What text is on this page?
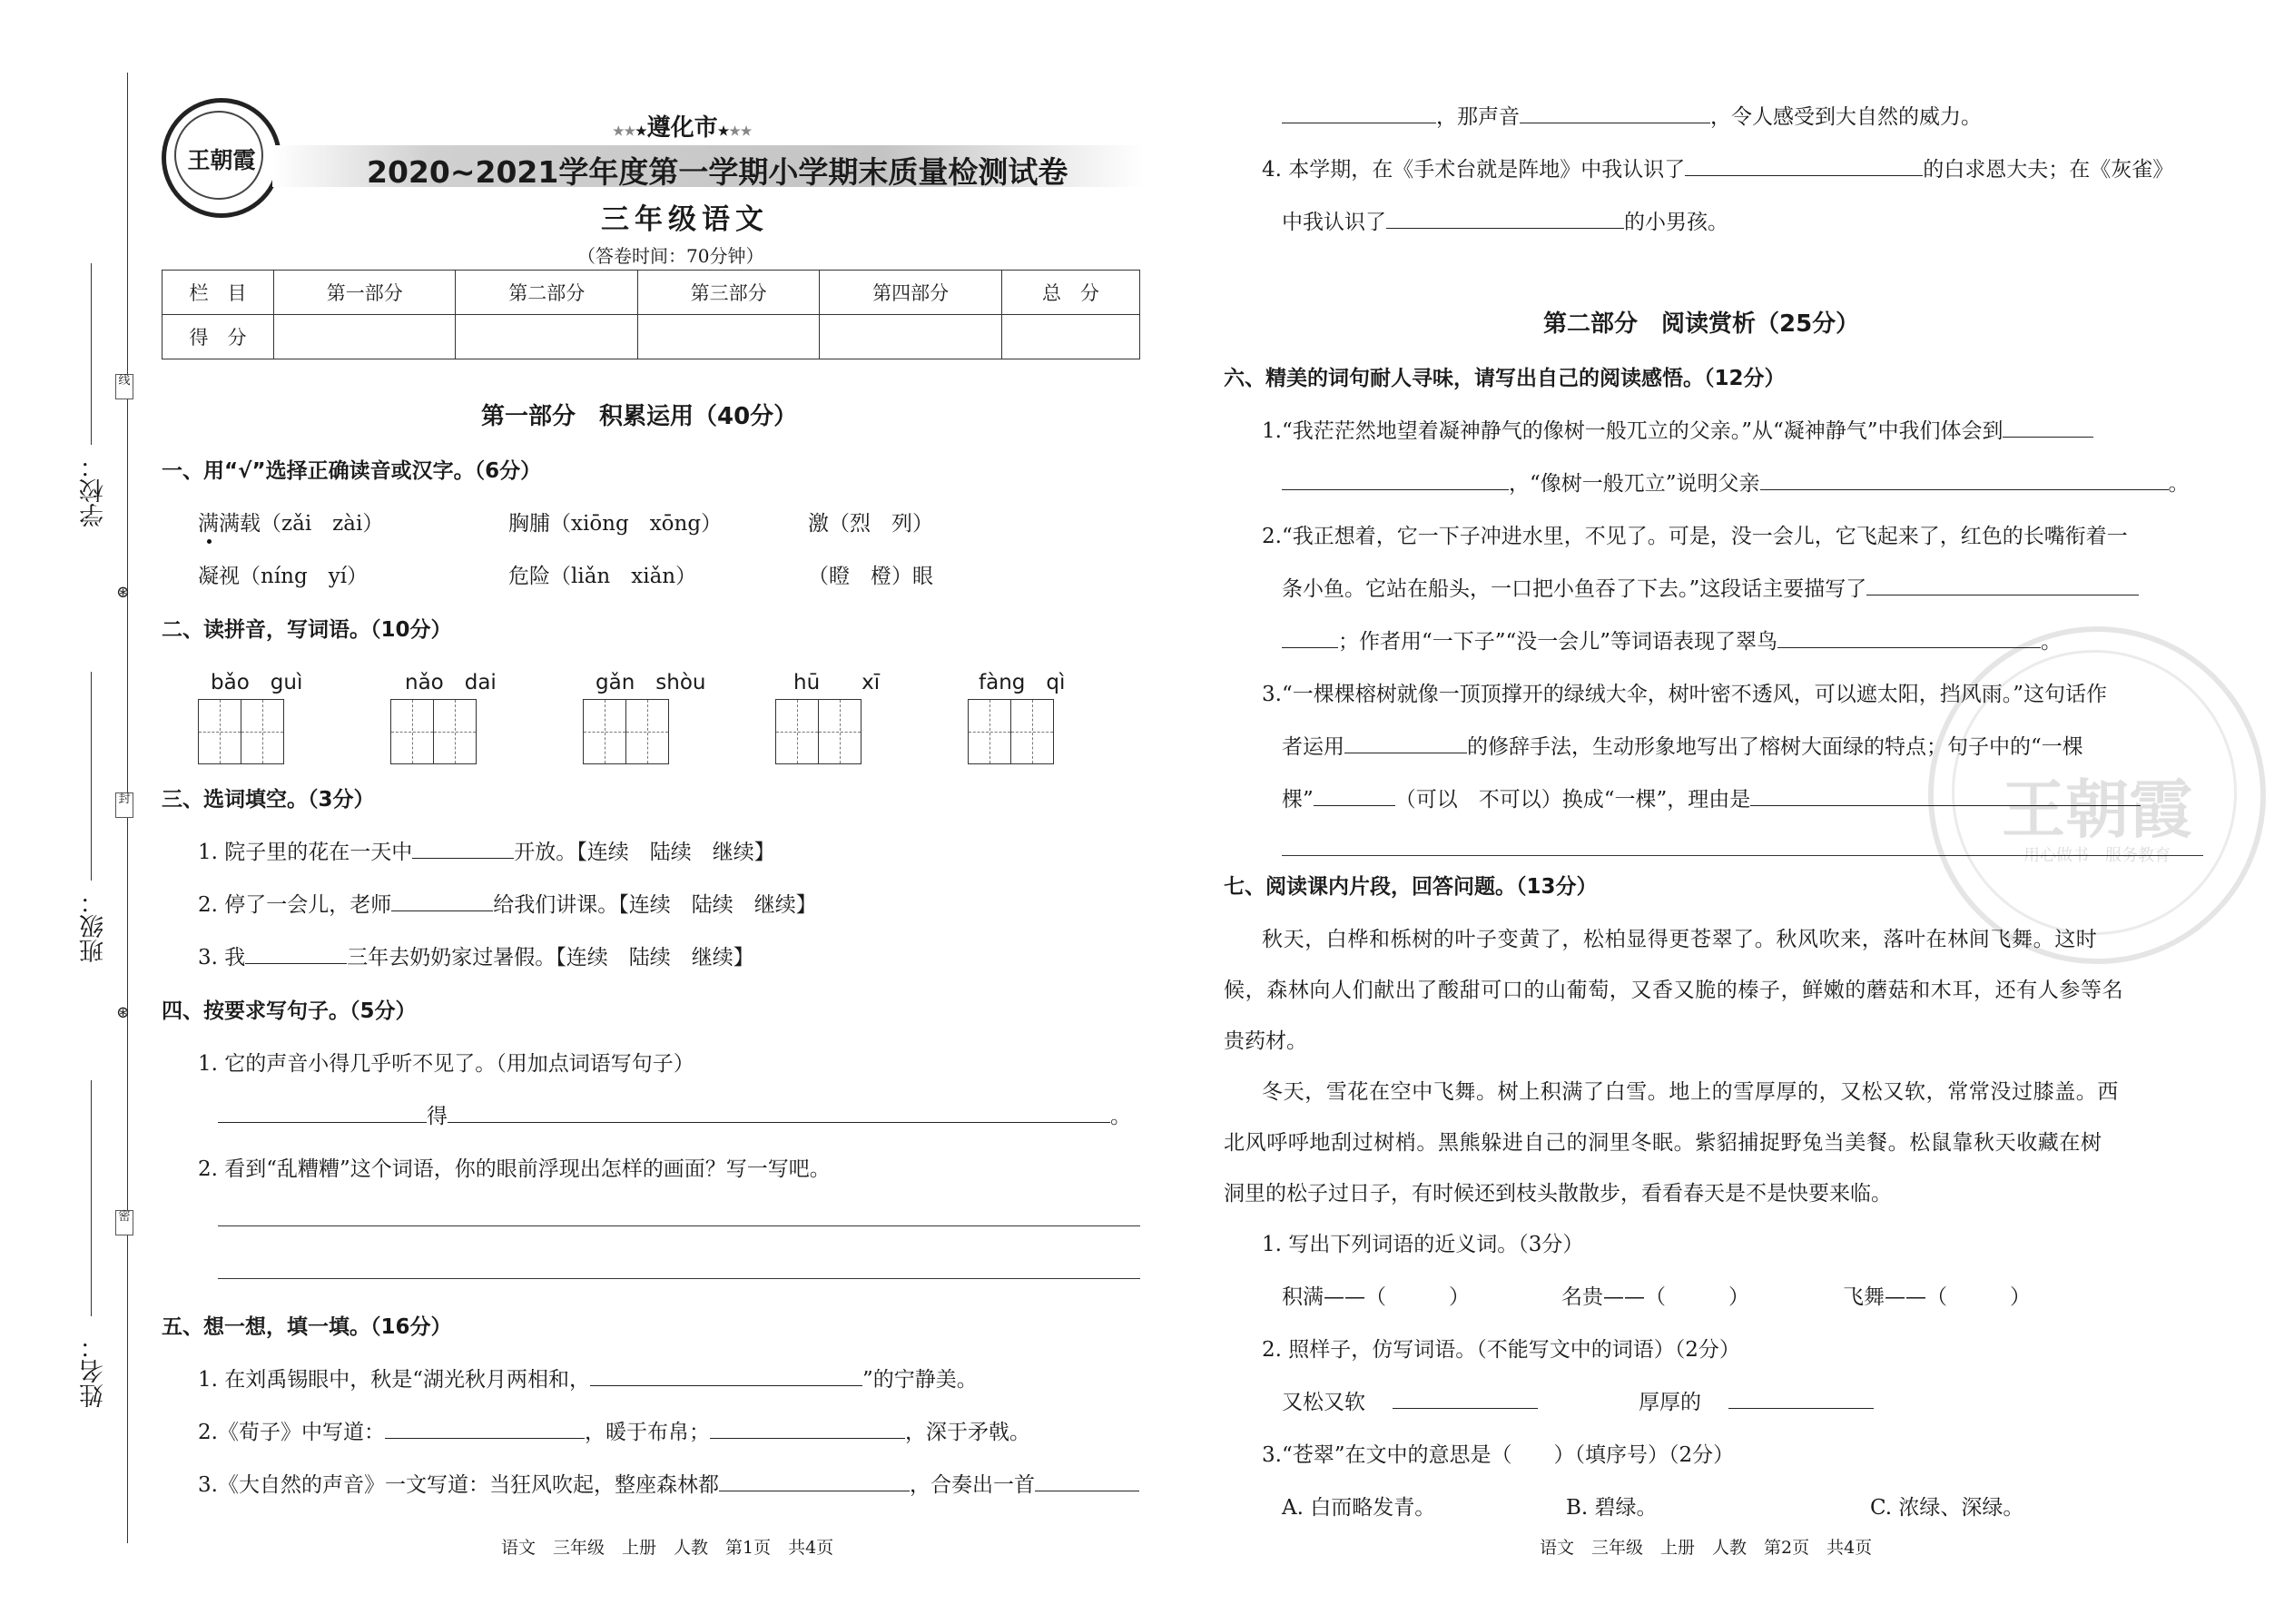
学校：
班级：
姓名：
线
封
密
⊛
⊛
王朝霞
★★★遵化市★★★
2020~2021学年度第一学期小学期末质量检测试卷
三年级语文
（答卷时间：70分钟）
栏　目	第一部分	第二部分	第三部分	第四部分	总　分
得　分					
第一部分　积累运用（40分）
一、用“√”选择正确读音或汉字。（6分）
满满载（zǎi　zài）	胸脯（xiōng　xōng）	激（烈　列）
凝视（níng　yí）	危险（liǎn　xiǎn）	（瞪　橙）眼
二、读拼音，写词语。（10分）
bǎo　guì	nǎo　dai	gǎn　shòu	hū　　xī	fàng　qì
三、选词填空。（3分）
1. 院子里的花在一天中	开放。【连续　陆续　继续】
2. 停了一会儿，老师	给我们讲课。【连续　陆续　继续】
3. 我	三年去奶奶家过暑假。【连续　陆续　继续】
四、按要求写句子。（5分）
1. 它的声音小得几乎听不见了。（用加点词语写句子）
得	。
2. 看到“乱糟糟”这个词语，你的眼前浮现出怎样的画面？写一写吧。
五、想一想，填一填。（16分）
1. 在刘禹锡眼中，秋是“湖光秋月两相和，	”的宁静美。
2.《荀子》中写道：	，暖于布帛；	，深于矛戟。
3.《大自然的声音》一文写道：当狂风吹起，整座森林都	，合奏出一首
语文　三年级　上册　人教　第1页　共4页
，那声音	，令人感受到大自然的威力。
4. 本学期，在《手术台就是阵地》中我认识了	的白求恩大夫；在《灰雀》
中我认识了	的小男孩。
第二部分　阅读赏析（25分）
六、精美的词句耐人寻味，请写出自己的阅读感悟。（12分）
1.“我茫茫然地望着凝神静气的像树一般兀立的父亲。”从“凝神静气”中我们体会到
，“像树一般兀立”说明父亲	。
2.“我正想着，它一下子冲进水里，不见了。可是，没一会儿，它飞起来了，红色的长嘴衔着一
条小鱼。它站在船头，一口把小鱼吞了下去。”这段话主要描写了
；作者用“一下子”“没一会儿”等词语表现了翠鸟	。
3.“一棵棵榕树就像一顶顶撑开的绿绒大伞，树叶密不透风，可以遮太阳，挡风雨。”这句话作
者运用	的修辞手法，生动形象地写出了榕树大面绿的特点；句子中的“一棵
棵”	（可以　不可以）换成“一棵”，理由是
七、阅读课内片段，回答问题。（13分）
秋天，白桦和栎树的叶子变黄了，松柏显得更苍翠了。秋风吹来，落叶在林间飞舞。这时
候，森林向人们献出了酸甜可口的山葡萄，又香又脆的榛子，鲜嫩的蘑菇和木耳，还有人参等名
贵药材。
冬天，雪花在空中飞舞。树上积满了白雪。地上的雪厚厚的，又松又软，常常没过膝盖。西
北风呼呼地刮过树梢。黑熊躲进自己的洞里冬眠。紫貂捕捉野兔当美餐。松鼠靠秋天收藏在树
洞里的松子过日子，有时候还到枝头散散步，看看春天是不是快要来临。
1. 写出下列词语的近义词。（3分）
积满——（　　　）	名贵——（　　　）	飞舞——（　　　）
2. 照样子，仿写词语。（不能写文中的词语）（2分）
又松又软	厚厚的
3.“苍翠”在文中的意思是（　　）（填序号）（2分）
A. 白而略发青。	B. 碧绿。	C. 浓绿、深绿。
语文　三年级　上册　人教　第2页　共4页
王朝霞
用心做书　服务教育
